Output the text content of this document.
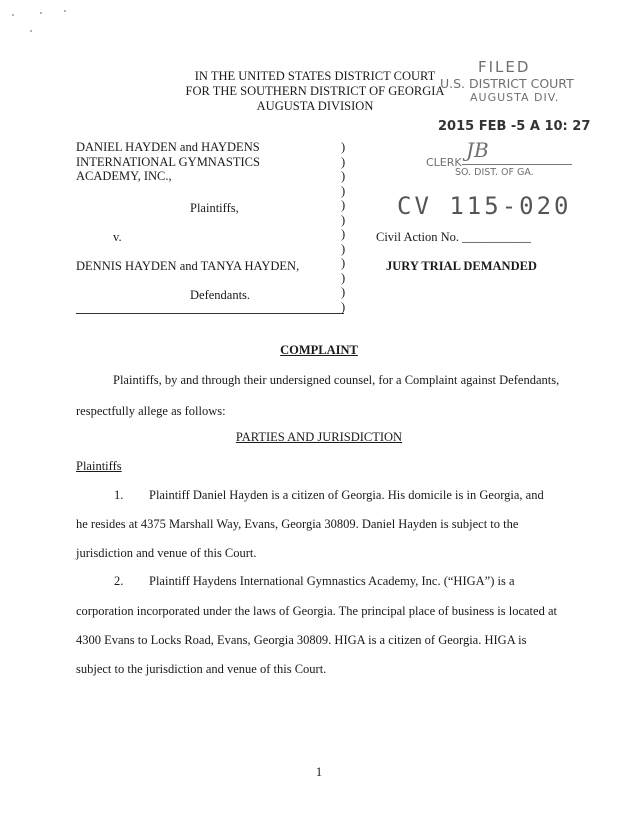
IN THE UNITED STATES DISTRICT COURT
FOR THE SOUTHERN DISTRICT OF GEORGIA
AUGUSTA DIVISION
FILED
U.S. DISTRICT COURT
AUGUSTA DIV.
2015 FEB -5 A 10: 27
CLERK
JB
SO. DIST. OF GA.
CV 115-020
DANIEL HAYDEN and HAYDENS
INTERNATIONAL GYMNASTICS
ACADEMY, INC.,
Plaintiffs,
v.
DENNIS HAYDEN and TANYA HAYDEN,
Defendants.
)
)
)
)
)
)
)
)
)
)
)
)
Civil Action No. ___________
JURY TRIAL DEMANDED
COMPLAINT
Plaintiffs, by and through their undersigned counsel, for a Complaint against Defendants,
respectfully allege as follows:
PARTIES AND JURISDICTION
Plaintiffs
1. Plaintiff Daniel Hayden is a citizen of Georgia. His domicile is in Georgia, and
he resides at 4375 Marshall Way, Evans, Georgia 30809. Daniel Hayden is subject to the
jurisdiction and venue of this Court.
2. Plaintiff Haydens International Gymnastics Academy, Inc. (“HIGA”) is a
corporation incorporated under the laws of Georgia. The principal place of business is located at
4300 Evans to Locks Road, Evans, Georgia 30809. HIGA is a citizen of Georgia. HIGA is
subject to the jurisdiction and venue of this Court.
1
